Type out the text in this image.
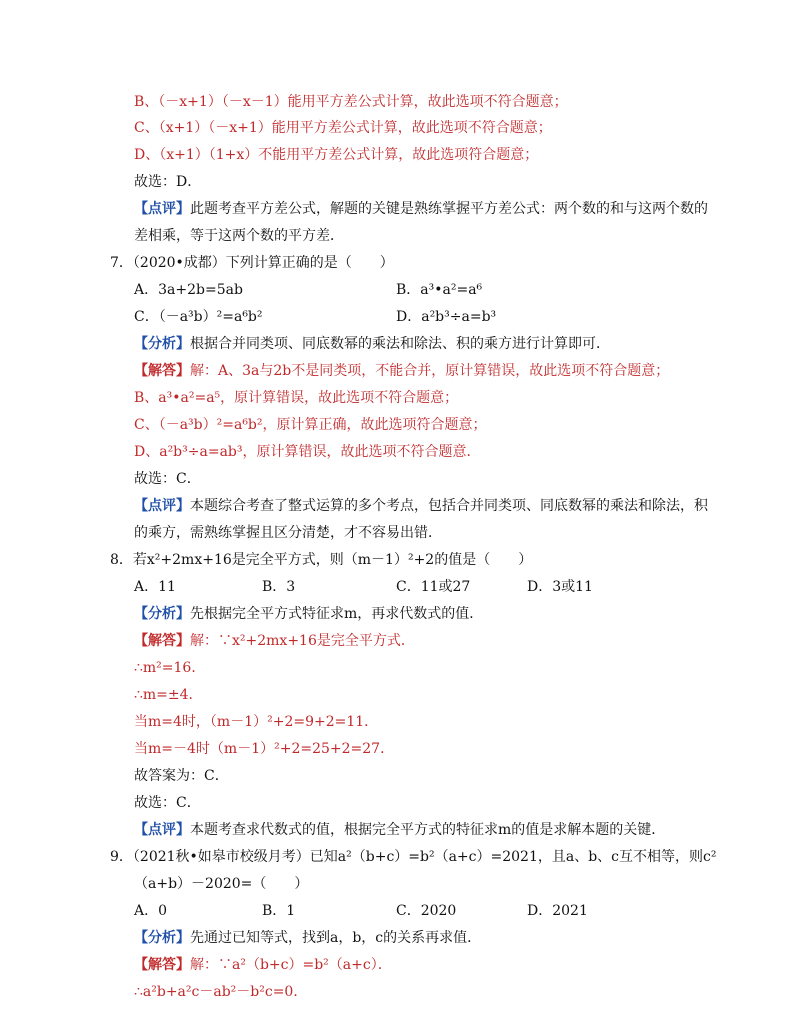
B、（－x+1）（－x－1）能用平方差公式计算，故此选项不符合题意；
C、（x+1）（－x+1）能用平方差公式计算，故此选项不符合题意；
D、（x+1）（1+x）不能用平方差公式计算，故此选项符合题意；
故选：D．
【点评】此题考查平方差公式，解题的关键是熟练掌握平方差公式：两个数的和与这两个数的
差相乘，等于这两个数的平方差．
7．（2020•成都）下列计算正确的是（　　）
A．3a+2b=5ab	B．a³•a²=a⁶
C．（－a³b）²=a⁶b²	D．a²b³÷a=b³
【分析】根据合并同类项、同底数幂的乘法和除法、积的乘方进行计算即可．
【解答】解：A、3a与2b不是同类项，不能合并，原计算错误，故此选项不符合题意；
B、a³•a²=a⁵，原计算错误，故此选项不符合题意；
C、（－a³b）²=a⁶b²，原计算正确，故此选项符合题意；
D、a²b³÷a=ab³，原计算错误，故此选项不符合题意．
故选：C．
【点评】本题综合考查了整式运算的多个考点，包括合并同类项、同底数幂的乘法和除法，积
的乘方，需熟练掌握且区分清楚，才不容易出错．
8．若x²+2mx+16是完全平方式，则（m－1）²+2的值是（　　）
A．11	B．3	C．11或27	D．3或11
【分析】先根据完全平方式特征求m，再求代数式的值．
【解答】解：∵x²+2mx+16是完全平方式．
∴m²=16．
∴m=±4．
当m=4时，（m－1）²+2=9+2=11．
当m=－4时（m－1）²+2=25+2=27．
故答案为：C．
故选：C．
【点评】本题考查求代数式的值，根据完全平方式的特征求m的值是求解本题的关键．
9．（2021秋•如皋市校级月考）已知a²（b+c）=b²（a+c）=2021，且a、b、c互不相等，则c²
（a+b）－2020=（　　）
A．0	B．1	C．2020	D．2021
【分析】先通过已知等式，找到a，b，c的关系再求值．
【解答】解：∵a²（b+c）=b²（a+c）．
∴a²b+a²c－ab²－b²c=0．
